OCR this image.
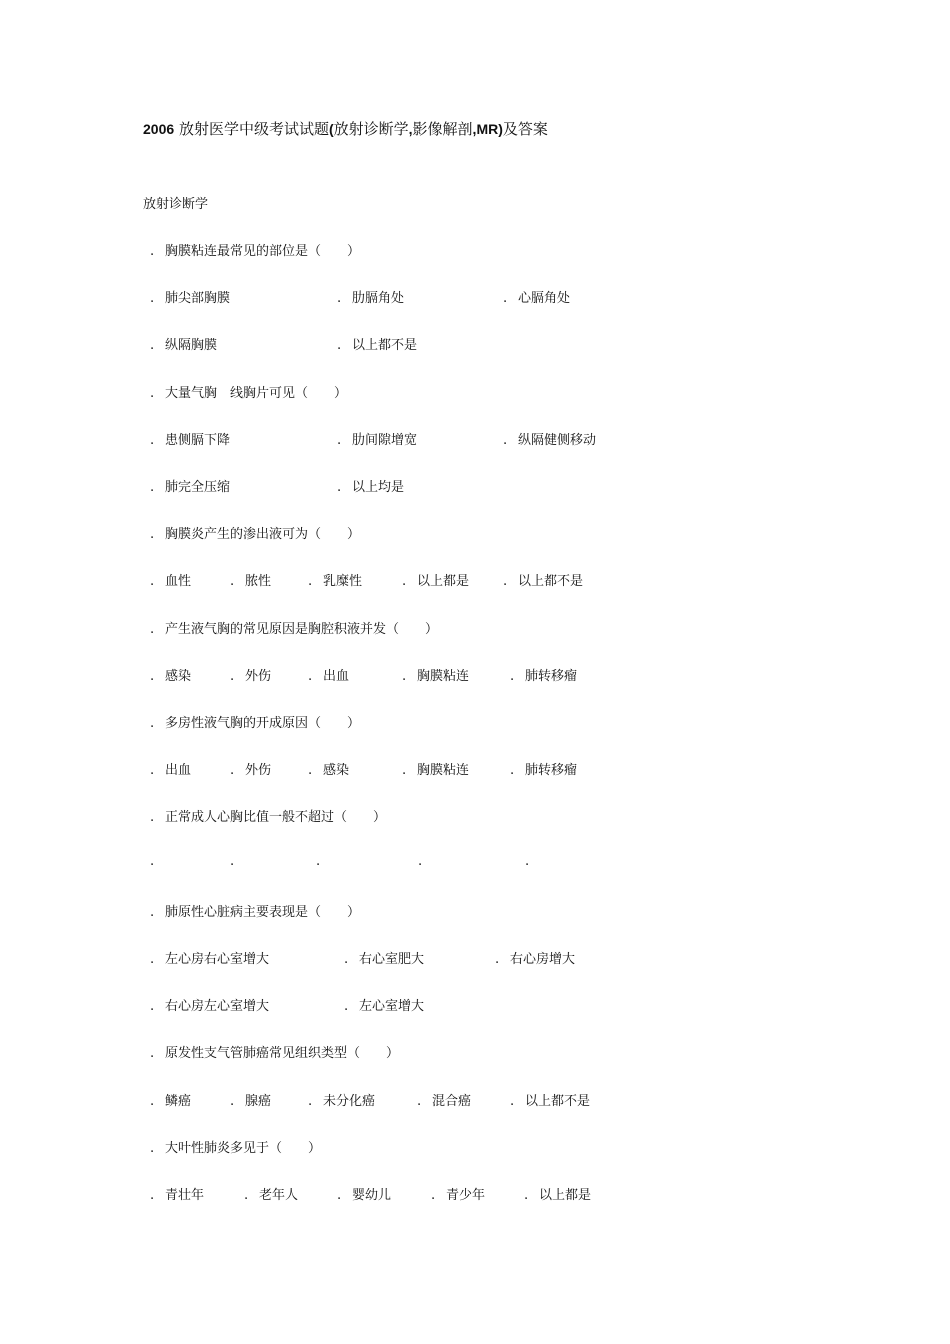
2006 放射医学中级考试试题(放射诊断学,影像解剖,MR)及答案
放射诊断学
. 胸膜粘连最常见的部位是（　　）
. 肺尖部胸膜	. 肋膈角处	. 心膈角处
. 纵隔胸膜	. 以上都不是
. 大量气胸　线胸片可见（　　）
. 患侧膈下降	. 肋间隙增宽	. 纵隔健侧移动
. 肺完全压缩	. 以上均是
. 胸膜炎产生的渗出液可为（　　）
. 血性	. 脓性	. 乳糜性	. 以上都是	. 以上都不是
. 产生液气胸的常见原因是胸腔积液并发（　　）
. 感染	. 外伤	. 出血	. 胸膜粘连	. 肺转移瘤
. 多房性液气胸的开成原因（　　）
. 出血	. 外伤	. 感染	. 胸膜粘连	. 肺转移瘤
. 正常成人心胸比值一般不超过（　　）
.	.	.	.	.
. 肺原性心脏病主要表现是（　　）
. 左心房右心室增大	. 右心室肥大	. 右心房增大
. 右心房左心室增大	. 左心室增大
. 原发性支气管肺癌常见组织类型（　　）
. 鳞癌	. 腺癌	. 未分化癌	. 混合癌	. 以上都不是
. 大叶性肺炎多见于（　　）
. 青壮年	. 老年人	. 婴幼儿	. 青少年	. 以上都是
